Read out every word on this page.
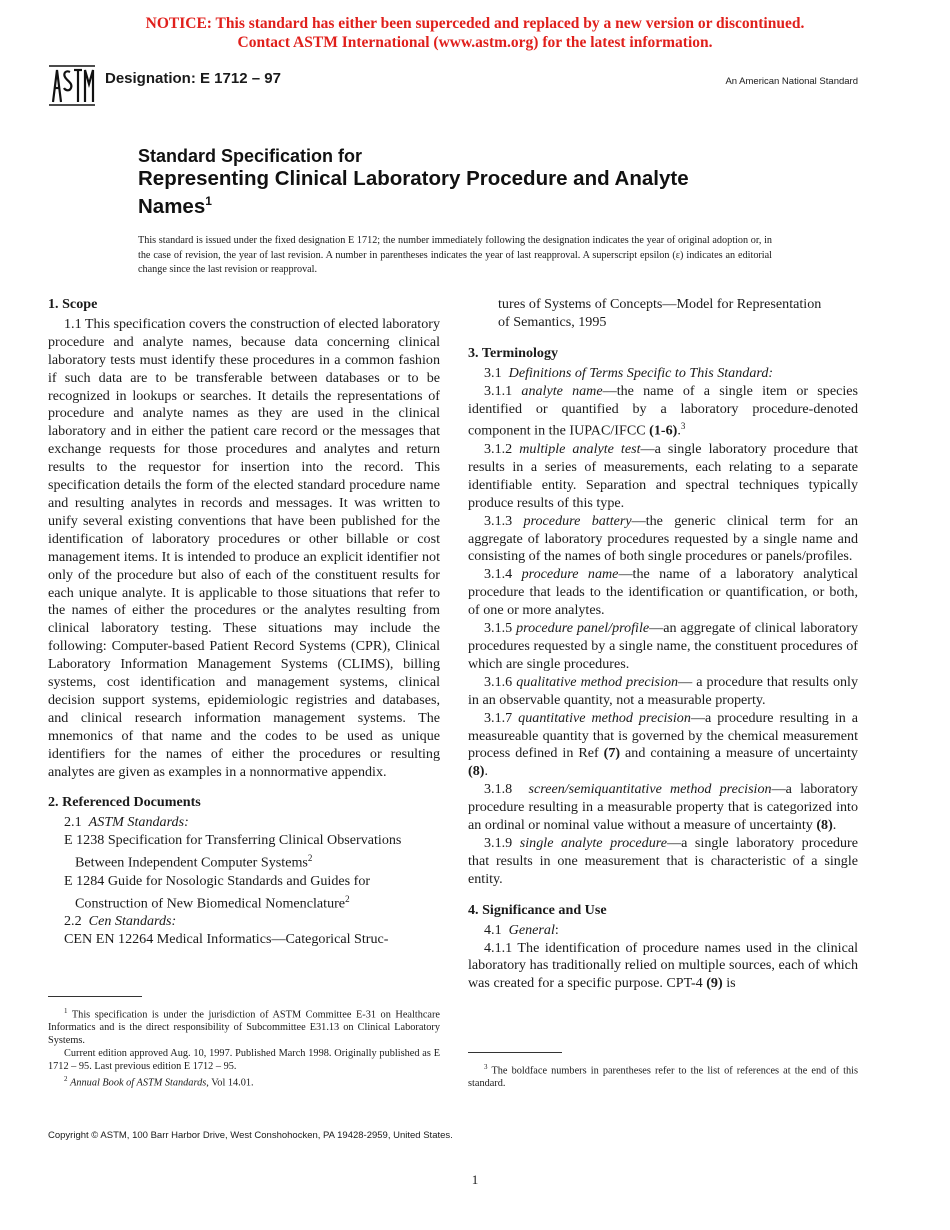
NOTICE: This standard has either been superceded and replaced by a new version or discontinued.
Contact ASTM International (www.astm.org) for the latest information.
Designation: E 1712 – 97	An American National Standard
Standard Specification for
Representing Clinical Laboratory Procedure and Analyte
Names$^1$
This standard is issued under the fixed designation E 1712; the number immediately following the designation indicates the year of original adoption or, in the case of revision, the year of last revision. A number in parentheses indicates the year of last reapproval. A superscript epsilon (ε) indicates an editorial change since the last revision or reapproval.

1. Scope

1.1 This specification covers the construction of elected laboratory procedure and analyte names, because data concerning clinical laboratory tests must identify these procedures in a common fashion if such data are to be transferable between databases or to be recognized in lookups or searches. It details the representations of procedure and analyte names as they are used in the clinical laboratory and in either the patient care record or the messages that exchange requests for those procedures and analytes and return results to the requestor for insertion into the record. This specification details the form of the elected standard procedure name and resulting analytes in records and messages. It was written to unify several existing conventions that have been published for the identification of laboratory procedures or other billable or cost management items. It is intended to produce an explicit identifier not only of the procedure but also of each of the constituent results for each unique analyte. It is applicable to those situations that refer to the names of either the procedures or the analytes resulting from clinical laboratory testing. These situations may include the following: Computer-based Patient Record Systems (CPR), Clinical Laboratory Information Management Systems (CLIMS), billing systems, cost identification and management systems, clinical decision support systems, epidemiologic registries and databases, and clinical research information management systems. The mnemonics of that name and the codes to be used as unique identifiers for the names of either the procedures or resulting analytes are given as examples in a nonnormative appendix.

2. Referenced Documents

2.1 ASTM Standards:

E 1238 Specification for Transferring Clinical Observations

Between Independent Computer Systems$^2$

E 1284 Guide for Nosologic Standards and Guides for

Construction of New Biomedical Nomenclature$^2$

2.2 Cen Standards:

CEN EN 12264 Medical Informatics—Categorical Struc-

$^1$ This specification is under the jurisdiction of ASTM Committee E-31 on Healthcare Informatics and is the direct responsibility of Subcommittee E31.13 on Clinical Laboratory Systems.

Current edition approved Aug. 10, 1997. Published March 1998. Originally published as E 1712 – 95. Last previous edition E 1712 – 95.

$^2$ Annual Book of ASTM Standards, Vol 14.01.

tures of Systems of Concepts—Model for Representation

of Semantics, 1995

3. Terminology

3.1 Definitions of Terms Specific to This Standard:

3.1.1 analyte name—the name of a single item or species identified or quantified by a laboratory procedure-denoted component in the IUPAC/IFCC (1-6).$^3$

3.1.2 multiple analyte test—a single laboratory procedure that results in a series of measurements, each relating to a separate identifiable entity. Separation and spectral techniques typically produce results of this type.

3.1.3 procedure battery—the generic clinical term for an aggregate of laboratory procedures requested by a single name and consisting of the names of both single procedures or panels/profiles.

3.1.4 procedure name—the name of a laboratory analytical procedure that leads to the identification or quantification, or both, of one or more analytes.

3.1.5 procedure panel/profile—an aggregate of clinical laboratory procedures requested by a single name, the constituent procedures of which are single procedures.

3.1.6 qualitative method precision— a procedure that results only in an observable quantity, not a measurable property.

3.1.7 quantitative method precision—a procedure resulting in a measureable quantity that is governed by the chemical measurement process defined in Ref (7) and containing a measure of uncertainty (8).

3.1.8 screen/semiquantitative method precision—a laboratory procedure resulting in a measurable property that is categorized into an ordinal or nominal value without a measure of uncertainty (8).

3.1.9 single analyte procedure—a single laboratory procedure that results in one measurement that is characteristic of a single entity.

4. Significance and Use

4.1 General:

4.1.1 The identification of procedure names used in the clinical laboratory has traditionally relied on multiple sources, each of which was created for a specific purpose. CPT-4 (9) is

$^3$ The boldface numbers in parentheses refer to the list of references at the end of this standard.

Copyright © ASTM, 100 Barr Harbor Drive, West Conshohocken, PA 19428-2959, United States.
1
